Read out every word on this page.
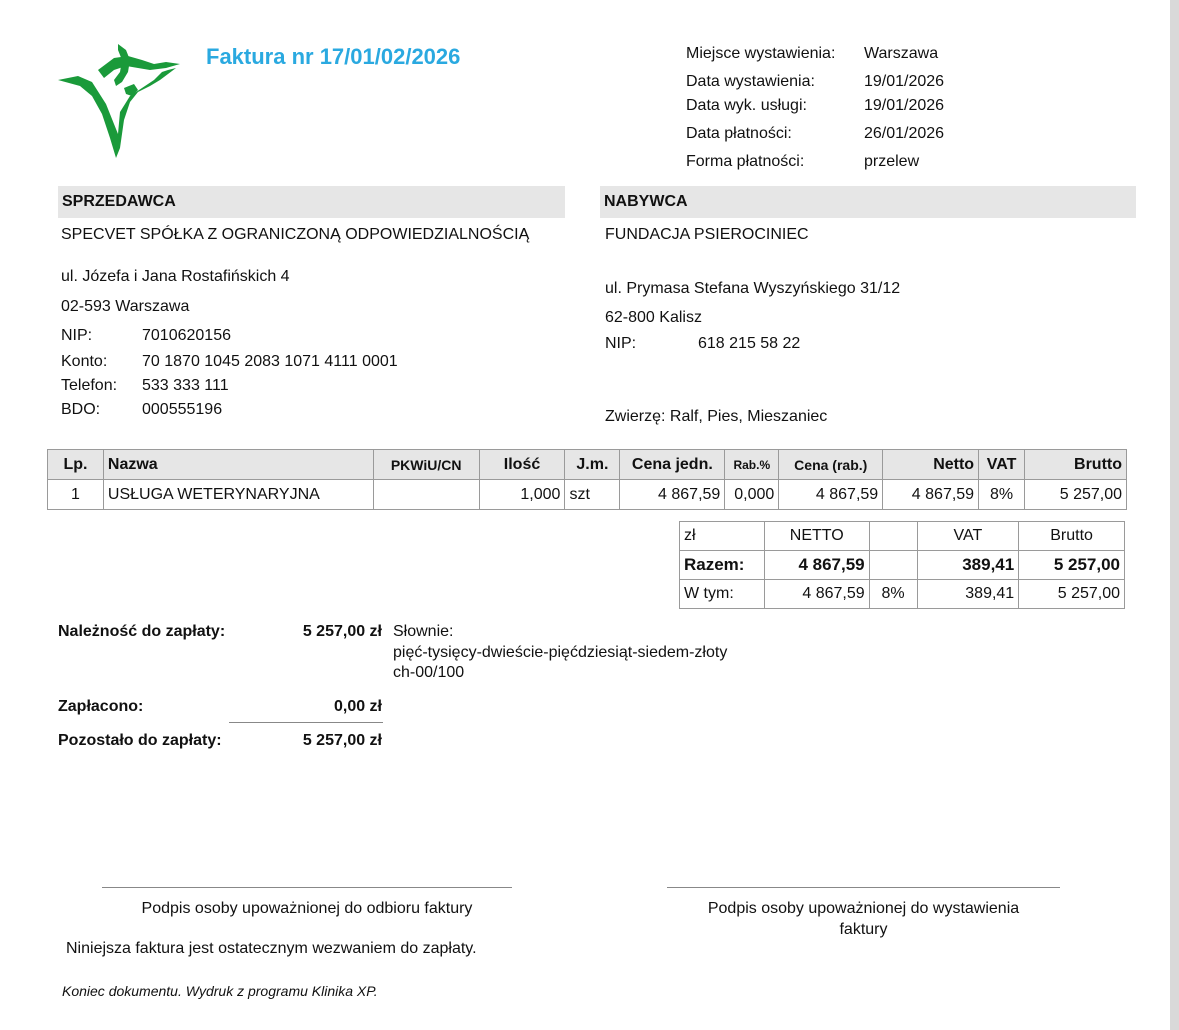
Faktura nr 17/01/02/2026	Miejsce wystawienia: Warszawa
Data wystawienia:	19/01/2026
Data wyk. usługi:	19/01/2026
Data płatności:	26/01/2026
Forma płatności:	przelew
SPRZEDAWCA
SPECVET SPÓŁKA Z OGRANICZONĄ ODPOWIEDZIALNOŚCIĄ
ul. Józefa i Jana Rostafińskich 4
02-593 Warszawa
NIP:	7010620156
Konto: 70 1870 1045 2083 1071 4111 0001
Telefon: 533 333 111
BDO:	000555196
NABYWCA
FUNDACJA PSIEROCINIEC
ul. Prymasa Stefana Wyszyńskiego 31/12
62-800 Kalisz
NIP:	618 215 58 22
Zwierzę: Ralf, Pies, Mieszaniec
Lp.	Nazwa	PKWiU/CN	Ilość	J.m.	Cena jedn.	Rab.%	Cena (rab.)	Netto	VAT	Brutto
1	USŁUGA WETERYNARYJNA		1,000	szt	4 867,59	0,000	4 867,59	4 867,59	8%	5 257,00
zł	NETTO		VAT	Brutto
Razem:	4 867,59		389,41	5 257,00
W tym:	4 867,59	8%	389,41	5 257,00
Należność do zapłaty:	5 257,00 zł Słownie:
pięć-tysięcy-dwieście-pięćdziesiąt-siedem-złoty
ch-00/100
Zapłacono:	0,00 zł
Pozostało do zapłaty:	5 257,00 zł
Podpis osoby upoważnionej do odbioru faktury	Podpis osoby upoważnionej do wystawienia
faktury
Niniejsza faktura jest ostatecznym wezwaniem do zapłaty.
Koniec dokumentu. Wydruk z programu Klinika XP.
